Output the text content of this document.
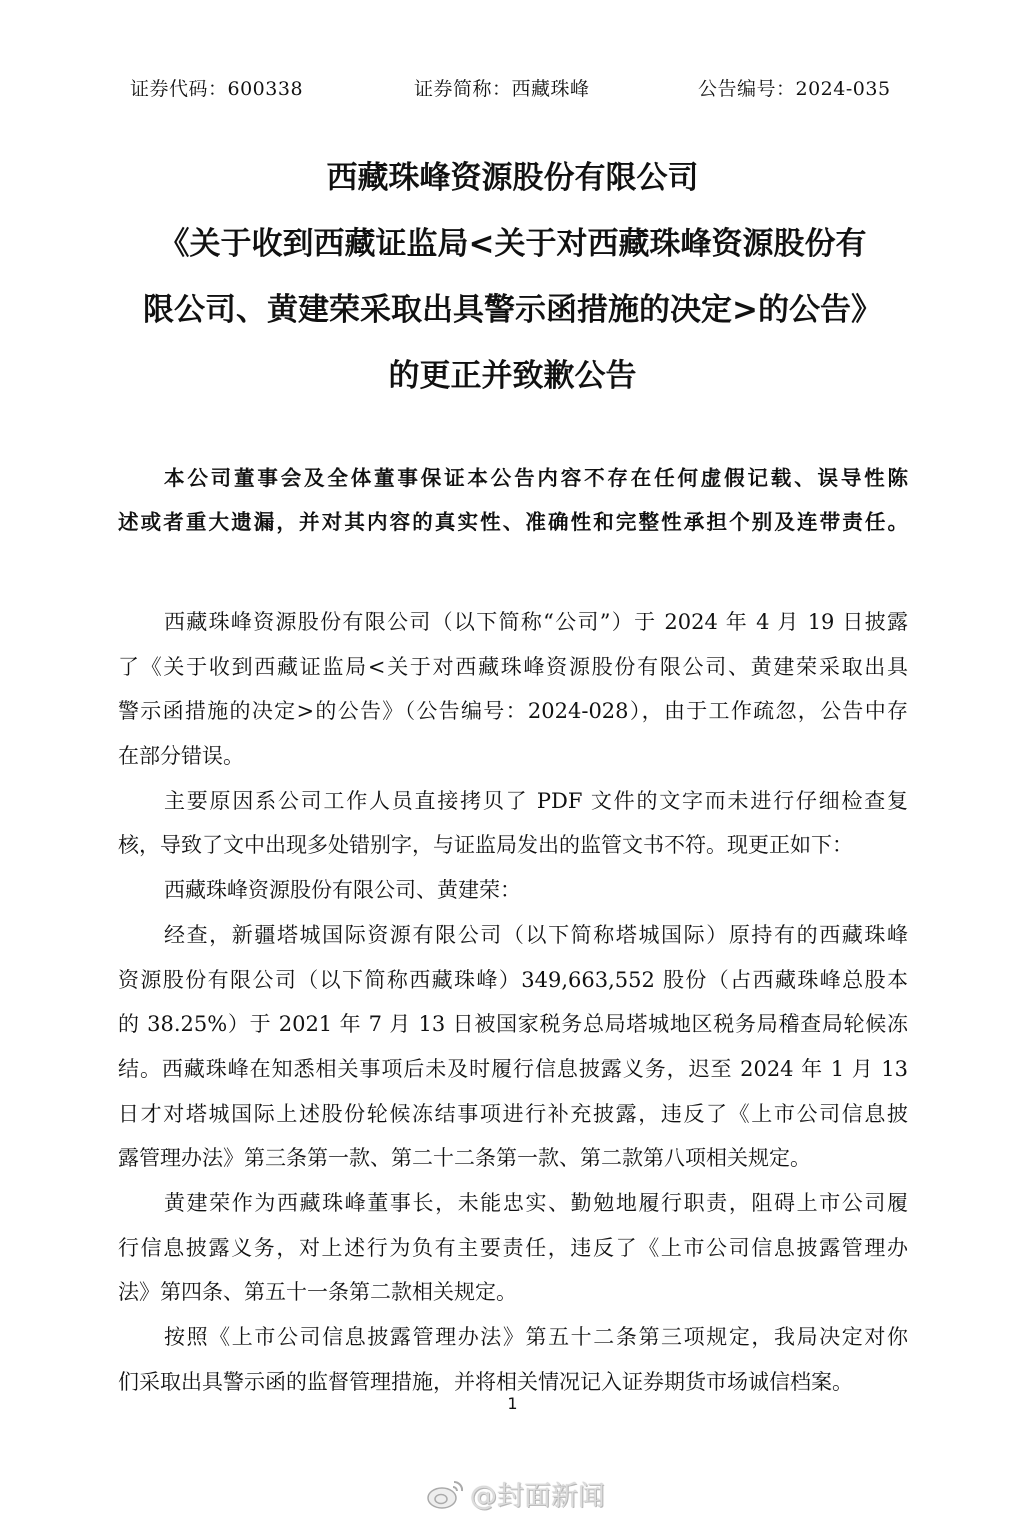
证券代码：600338	证券简称：西藏珠峰	公告编号：2024-035
西藏珠峰资源股份有限公司
《关于收到西藏证监局<关于对西藏珠峰资源股份有
限公司、黄建荣采取出具警示函措施的决定>的公告》
的更正并致歉公告
本公司董事会及全体董事保证本公告内容不存在任何虚假记载、误导性陈
述或者重大遗漏，并对其内容的真实性、准确性和完整性承担个别及连带责任。
西藏珠峰资源股份有限公司（以下简称“公司”）于 2024 年 4 月 19 日披露
了《关于收到西藏证监局<关于对西藏珠峰资源股份有限公司、黄建荣采取出具
警示函措施的决定>的公告》（公告编号：2024-028），由于工作疏忽，公告中存
在部分错误。
主要原因系公司工作人员直接拷贝了 PDF 文件的文字而未进行仔细检查复
核，导致了文中出现多处错别字，与证监局发出的监管文书不符。现更正如下：
西藏珠峰资源股份有限公司、黄建荣：
经查，新疆塔城国际资源有限公司（以下简称塔城国际）原持有的西藏珠峰
资源股份有限公司（以下简称西藏珠峰）349,663,552 股份（占西藏珠峰总股本
的 38.25%）于 2021 年 7 月 13 日被国家税务总局塔城地区税务局稽查局轮候冻
结。西藏珠峰在知悉相关事项后未及时履行信息披露义务，迟至 2024 年 1 月 13
日才对塔城国际上述股份轮候冻结事项进行补充披露，违反了《上市公司信息披
露管理办法》第三条第一款、第二十二条第一款、第二款第八项相关规定。
黄建荣作为西藏珠峰董事长，未能忠实、勤勉地履行职责，阻碍上市公司履
行信息披露义务，对上述行为负有主要责任，违反了《上市公司信息披露管理办
法》第四条、第五十一条第二款相关规定。
按照《上市公司信息披露管理办法》第五十二条第三项规定，我局决定对你
们采取出具警示函的监督管理措施，并将相关情况记入证券期货市场诚信档案。
1
@封面新闻
